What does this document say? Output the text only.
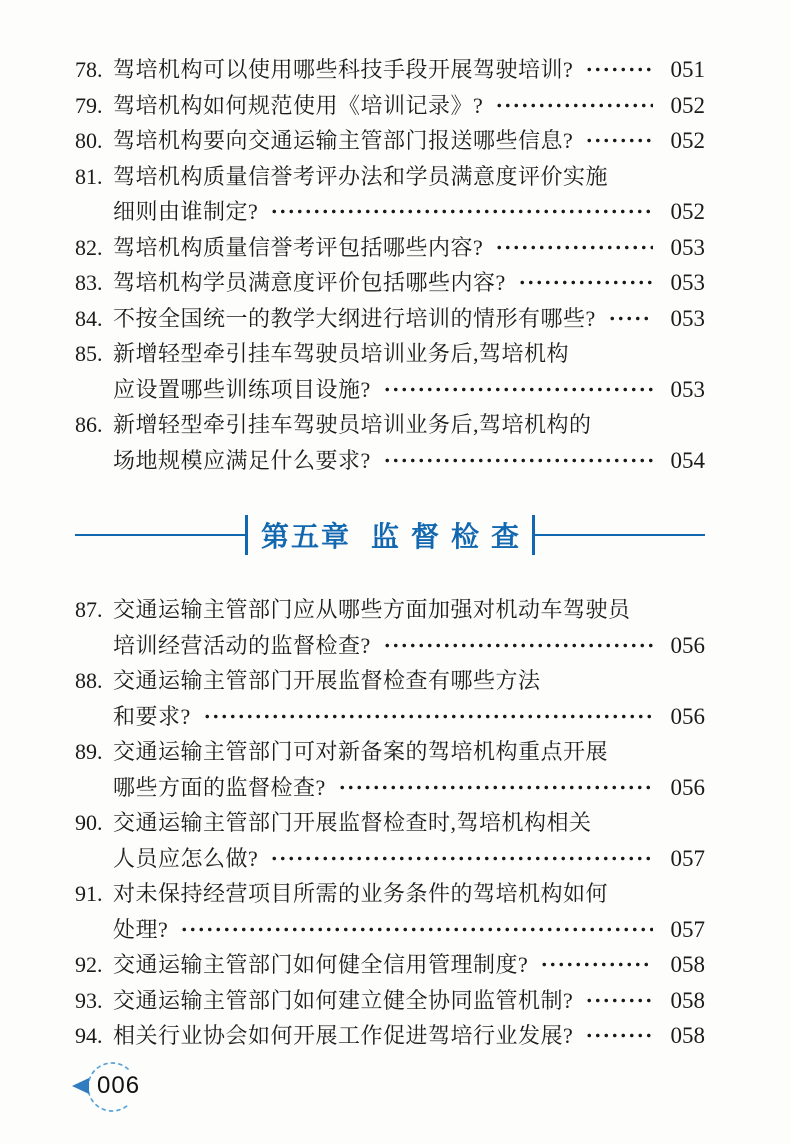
78. 驾培机构可以使用哪些科技手段开展驾驶培训?	051
79. 驾培机构如何规范使用《培训记录》?	052
80. 驾培机构要向交通运输主管部门报送哪些信息?	052
81. 驾培机构质量信誉考评办法和学员满意度评价实施
细则由谁制定?	052
82. 驾培机构质量信誉考评包括哪些内容?	053
83. 驾培机构学员满意度评价包括哪些内容?	053
84. 不按全国统一的教学大纲进行培训的情形有哪些?	053
85. 新增轻型牵引挂车驾驶员培训业务后,驾培机构
应设置哪些训练项目设施?	053
86. 新增轻型牵引挂车驾驶员培训业务后,驾培机构的
场地规模应满足什么要求?	054
第五章 监督检查
87. 交通运输主管部门应从哪些方面加强对机动车驾驶员
培训经营活动的监督检查?	056
88. 交通运输主管部门开展监督检查有哪些方法
和要求?	056
89. 交通运输主管部门可对新备案的驾培机构重点开展
哪些方面的监督检查?	056
90. 交通运输主管部门开展监督检查时,驾培机构相关
人员应怎么做?	057
91. 对未保持经营项目所需的业务条件的驾培机构如何
处理?	057
92. 交通运输主管部门如何健全信用管理制度?	058
93. 交通运输主管部门如何建立健全协同监管机制?	058
94. 相关行业协会如何开展工作促进驾培行业发展?	058
006
